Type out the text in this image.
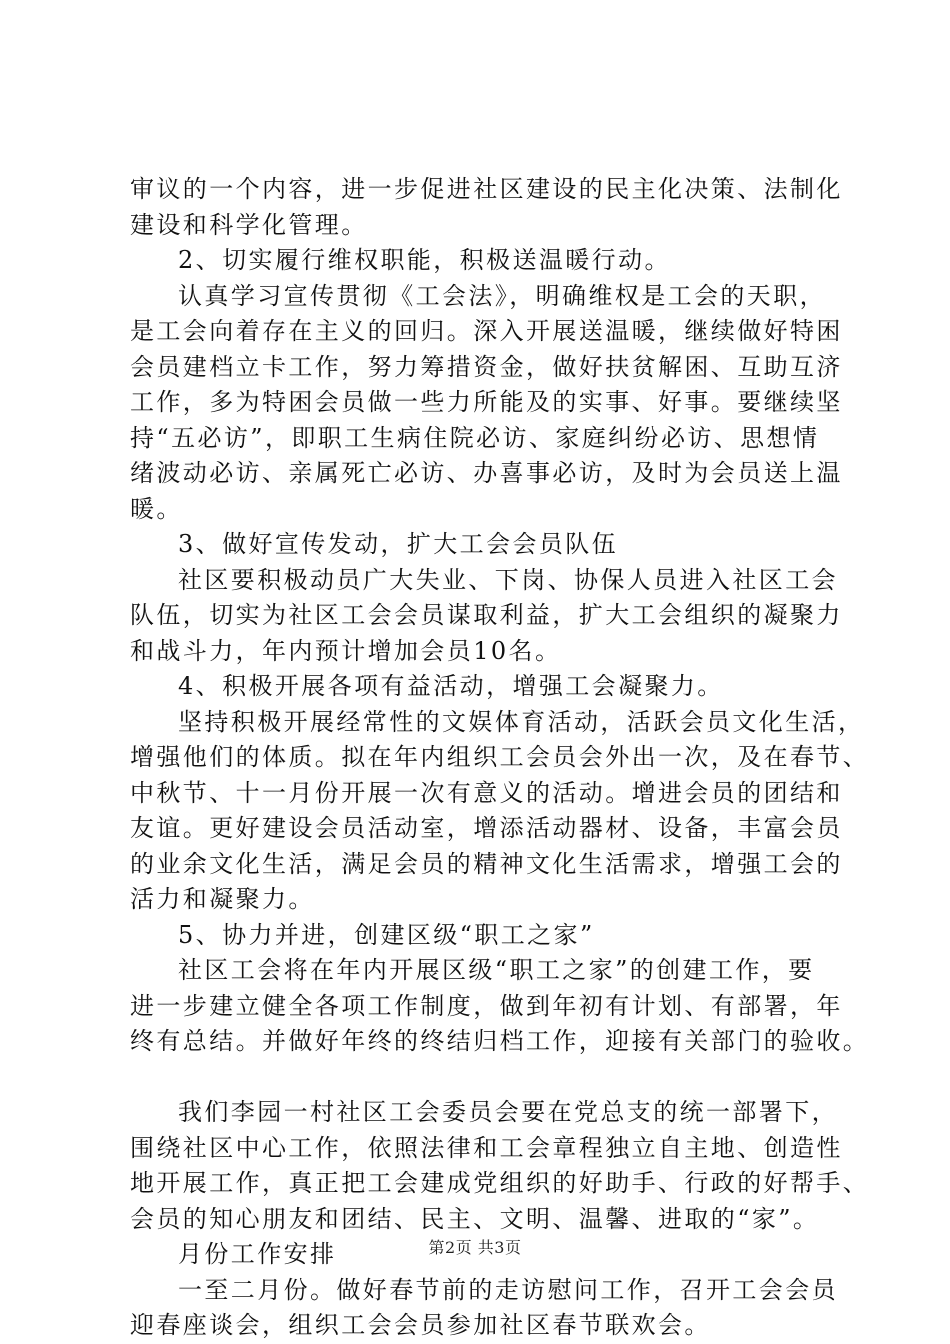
审议的一个内容，进一步促进社区建设的民主化决策、法制化
建设和科学化管理。
2、切实履行维权职能，积极送温暖行动。
认真学习宣传贯彻《工会法》，明确维权是工会的天职，
是工会向着存在主义的回归。深入开展送温暖，继续做好特困
会员建档立卡工作，努力筹措资金，做好扶贫解困、互助互济
工作，多为特困会员做一些力所能及的实事、好事。要继续坚
持“五必访”，即职工生病住院必访、家庭纠纷必访、思想情
绪波动必访、亲属死亡必访、办喜事必访，及时为会员送上温
暖。
3、做好宣传发动，扩大工会会员队伍
社区要积极动员广大失业、下岗、协保人员进入社区工会
队伍，切实为社区工会会员谋取利益，扩大工会组织的凝聚力
和战斗力，年内预计增加会员10名。
4、积极开展各项有益活动，增强工会凝聚力。
坚持积极开展经常性的文娱体育活动，活跃会员文化生活，
增强他们的体质。拟在年内组织工会员会外出一次，及在春节、
中秋节、十一月份开展一次有意义的活动。增进会员的团结和
友谊。更好建设会员活动室，增添活动器材、设备，丰富会员
的业余文化生活，满足会员的精神文化生活需求，增强工会的
活力和凝聚力。
5、协力并进，创建区级“职工之家”
社区工会将在年内开展区级“职工之家”的创建工作，要
进一步建立健全各项工作制度，做到年初有计划、有部署，年
终有总结。并做好年终的终结归档工作，迎接有关部门的验收。
我们李园一村社区工会委员会要在党总支的统一部署下，
围绕社区中心工作，依照法律和工会章程独立自主地、创造性
地开展工作，真正把工会建成党组织的好助手、行政的好帮手、
会员的知心朋友和团结、民主、文明、温馨、进取的“家”。
月份工作安排
一至二月份。做好春节前的走访慰问工作，召开工会会员
迎春座谈会，组织工会会员参加社区春节联欢会。
第2页 共3页
